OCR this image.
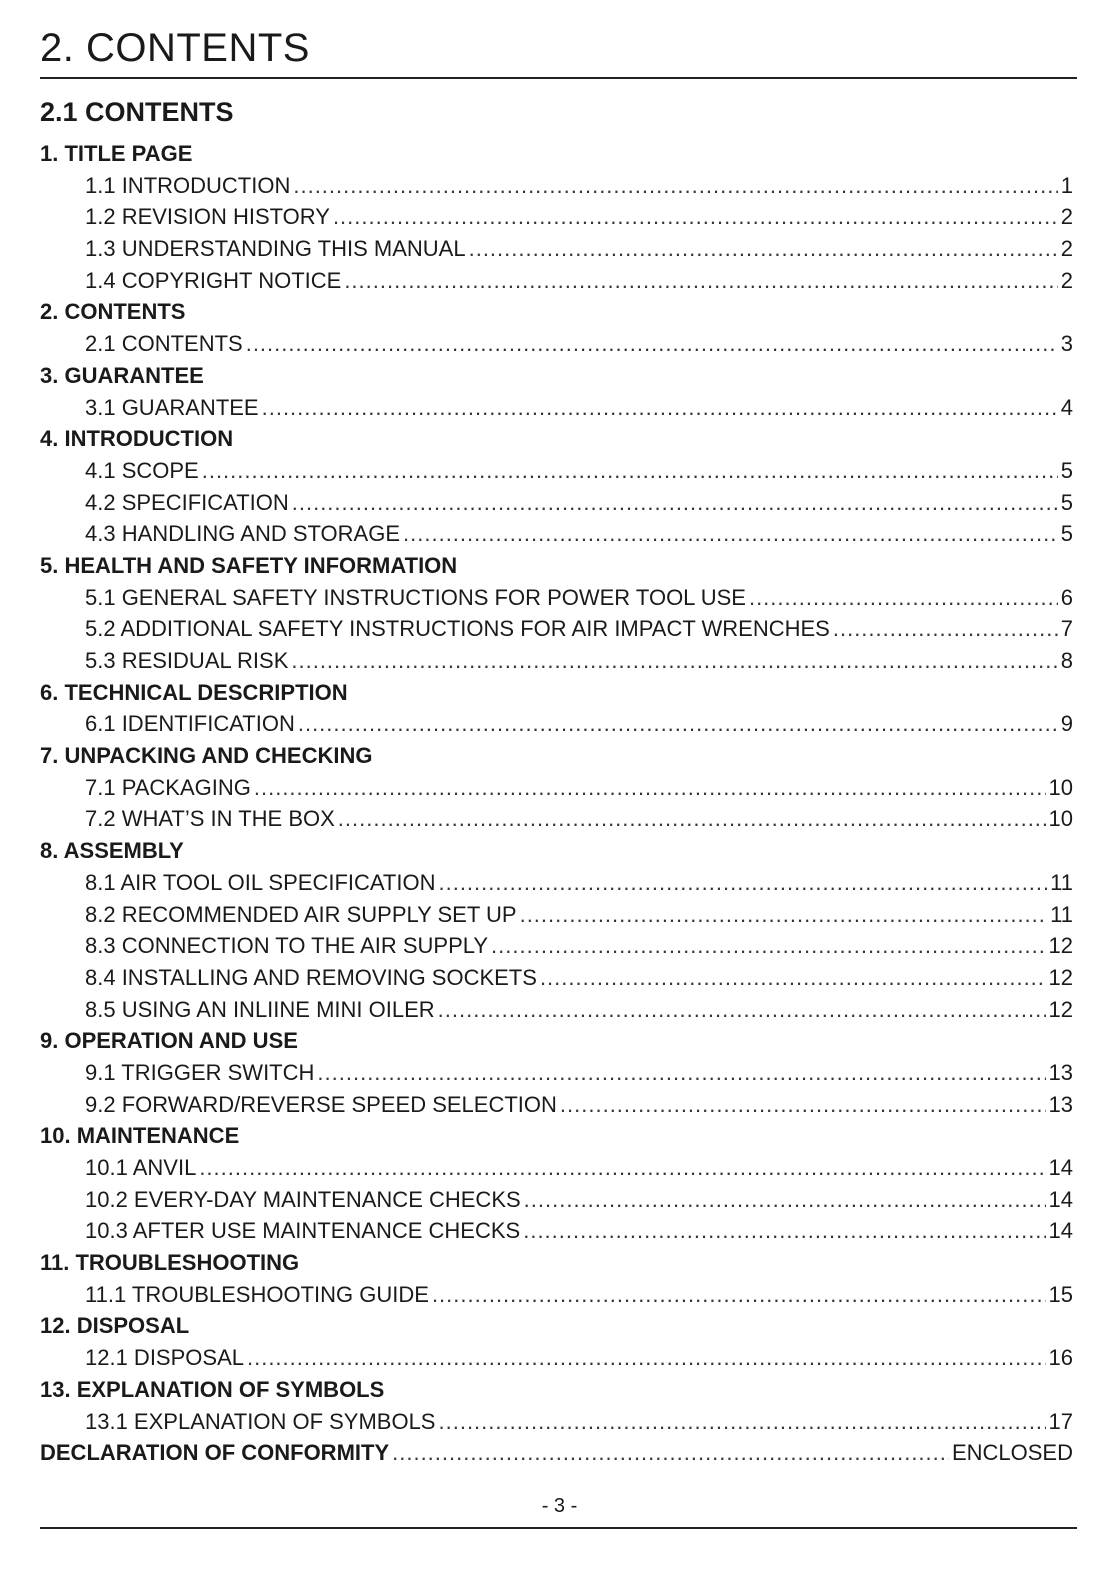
2. CONTENTS
2.1 CONTENTS
1. TITLE PAGE
1.1 INTRODUCTION .....	1
1.2 REVISION HISTORY .....	2
1.3 UNDERSTANDING THIS MANUAL .....	2
1.4 COPYRIGHT NOTICE .....	2
2. CONTENTS
2.1 CONTENTS .....	3
3. GUARANTEE
3.1 GUARANTEE .....	4
4. INTRODUCTION
4.1 SCOPE .....	5
4.2 SPECIFICATION .....	5
4.3 HANDLING AND STORAGE .....	5
5. HEALTH AND SAFETY INFORMATION
5.1 GENERAL SAFETY INSTRUCTIONS FOR POWER TOOL USE .....	6
5.2 ADDITIONAL SAFETY INSTRUCTIONS FOR AIR IMPACT WRENCHES .....	7
5.3 RESIDUAL RISK .....	8
6. TECHNICAL DESCRIPTION
6.1 IDENTIFICATION .....	9
7. UNPACKING AND CHECKING
7.1 PACKAGING .....	10
7.2 WHAT’S IN THE BOX .....	10
8. ASSEMBLY
8.1 AIR TOOL OIL SPECIFICATION .....	11
8.2 RECOMMENDED AIR SUPPLY SET UP .....	11
8.3 CONNECTION TO THE AIR SUPPLY .....	12
8.4 INSTALLING AND REMOVING SOCKETS .....	12
8.5 USING AN INLIINE MINI OILER .....	12
9. OPERATION AND USE
9.1 TRIGGER SWITCH .....	13
9.2 FORWARD/REVERSE SPEED SELECTION .....	13
10. MAINTENANCE
10.1 ANVIL .....	14
10.2 EVERY-DAY MAINTENANCE CHECKS .....	14
10.3 AFTER USE MAINTENANCE CHECKS .....	14
11. TROUBLESHOOTING
11.1 TROUBLESHOOTING GUIDE .....	15
12. DISPOSAL
12.1 DISPOSAL .....	16
13. EXPLANATION OF SYMBOLS
13.1 EXPLANATION OF SYMBOLS .....	17
DECLARATION OF CONFORMITY .....	ENCLOSED
- 3 -
